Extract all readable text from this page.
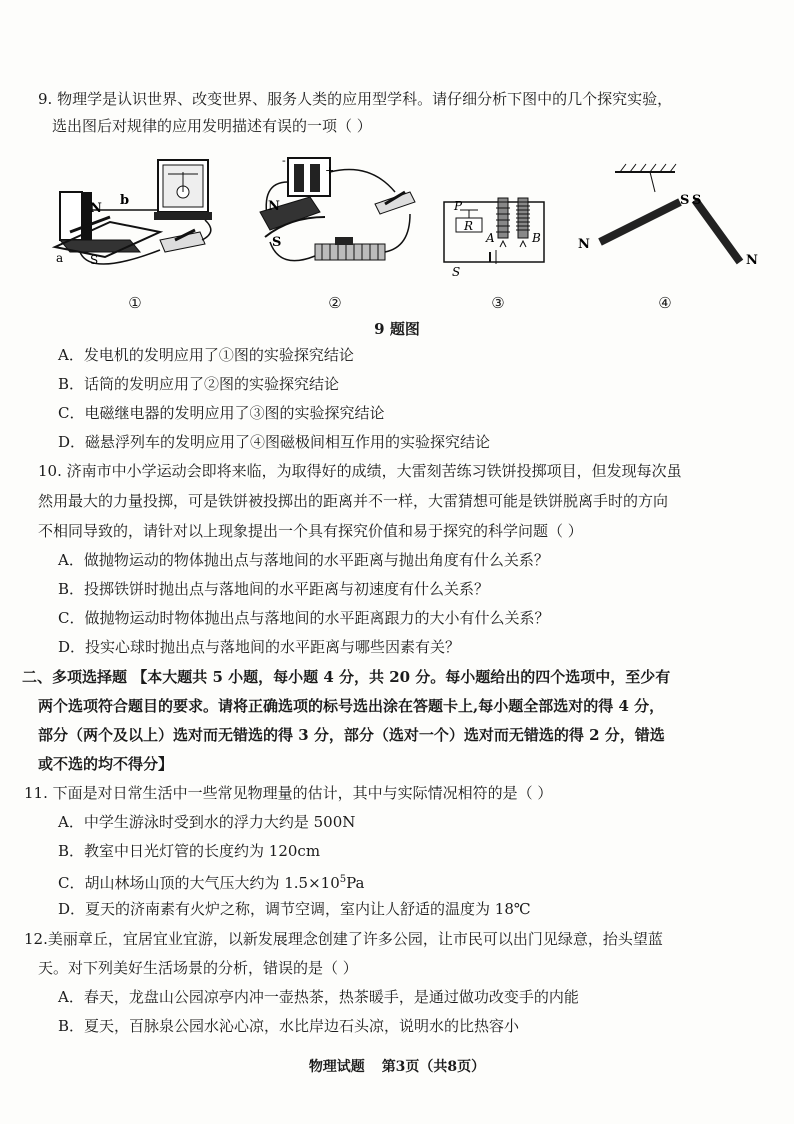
9. 物理学是认识世界、改变世界、服务人类的应用型学科。请仔细分析下图中的几个探究实验，
选出图后对规律的应用发明描述有误的一项（ ）
N
b
a S
①
-
+
N
S
②
P
R
A	B
S
③
N
S S
N
④
9 题图
A．发电机的发明应用了①图的实验探究结论
B．话筒的发明应用了②图的实验探究结论
C．电磁继电器的发明应用了③图的实验探究结论
D．磁悬浮列车的发明应用了④图磁极间相互作用的实验探究结论
10. 济南市中小学运动会即将来临，为取得好的成绩，大雷刻苦练习铁饼投掷项目，但发现每次虽
然用最大的力量投掷，可是铁饼被投掷出的距离并不一样，大雷猜想可能是铁饼脱离手时的方向
不相同导致的，请针对以上现象提出一个具有探究价值和易于探究的科学问题（ ）
A．做抛物运动的物体抛出点与落地间的水平距离与抛出角度有什么关系？
B．投掷铁饼时抛出点与落地间的水平距离与初速度有什么关系？
C．做抛物运动时物体抛出点与落地间的水平距离跟力的大小有什么关系？
D．投实心球时抛出点与落地间的水平距离与哪些因素有关？
二、多项选择题 【本大题共 5 小题，每小题 4 分，共 20 分。每小题给出的四个选项中，至少有
两个选项符合题目的要求。请将正确选项的标号选出涂在答题卡上,每小题全部选对的得 4 分，
部分（两个及以上）选对而无错选的得 3 分，部分（选对一个）选对而无错选的得 2 分，错选
或不选的均不得分】
11. 下面是对日常生活中一些常见物理量的估计，其中与实际情况相符的是（ ）
A．中学生游泳时受到水的浮力大约是 500N
B．教室中日光灯管的长度约为 120cm
C．胡山林场山顶的大气压大约为 $1.5\times 10^5Pa$
D．夏天的济南素有火炉之称，调节空调，室内让人舒适的温度为 18℃
12.美丽章丘，宜居宜业宜游，以新发展理念创建了许多公园，让市民可以出门见绿意，抬头望蓝
天。对下列美好生活场景的分析，错误的是（ ）
A．春天，龙盘山公园凉亭内冲一壶热茶，热茶暖手，是通过做功改变手的内能
B．夏天，百脉泉公园水沁心凉，水比岸边石头凉，说明水的比热容小
物理试题 第3页（共8页）
